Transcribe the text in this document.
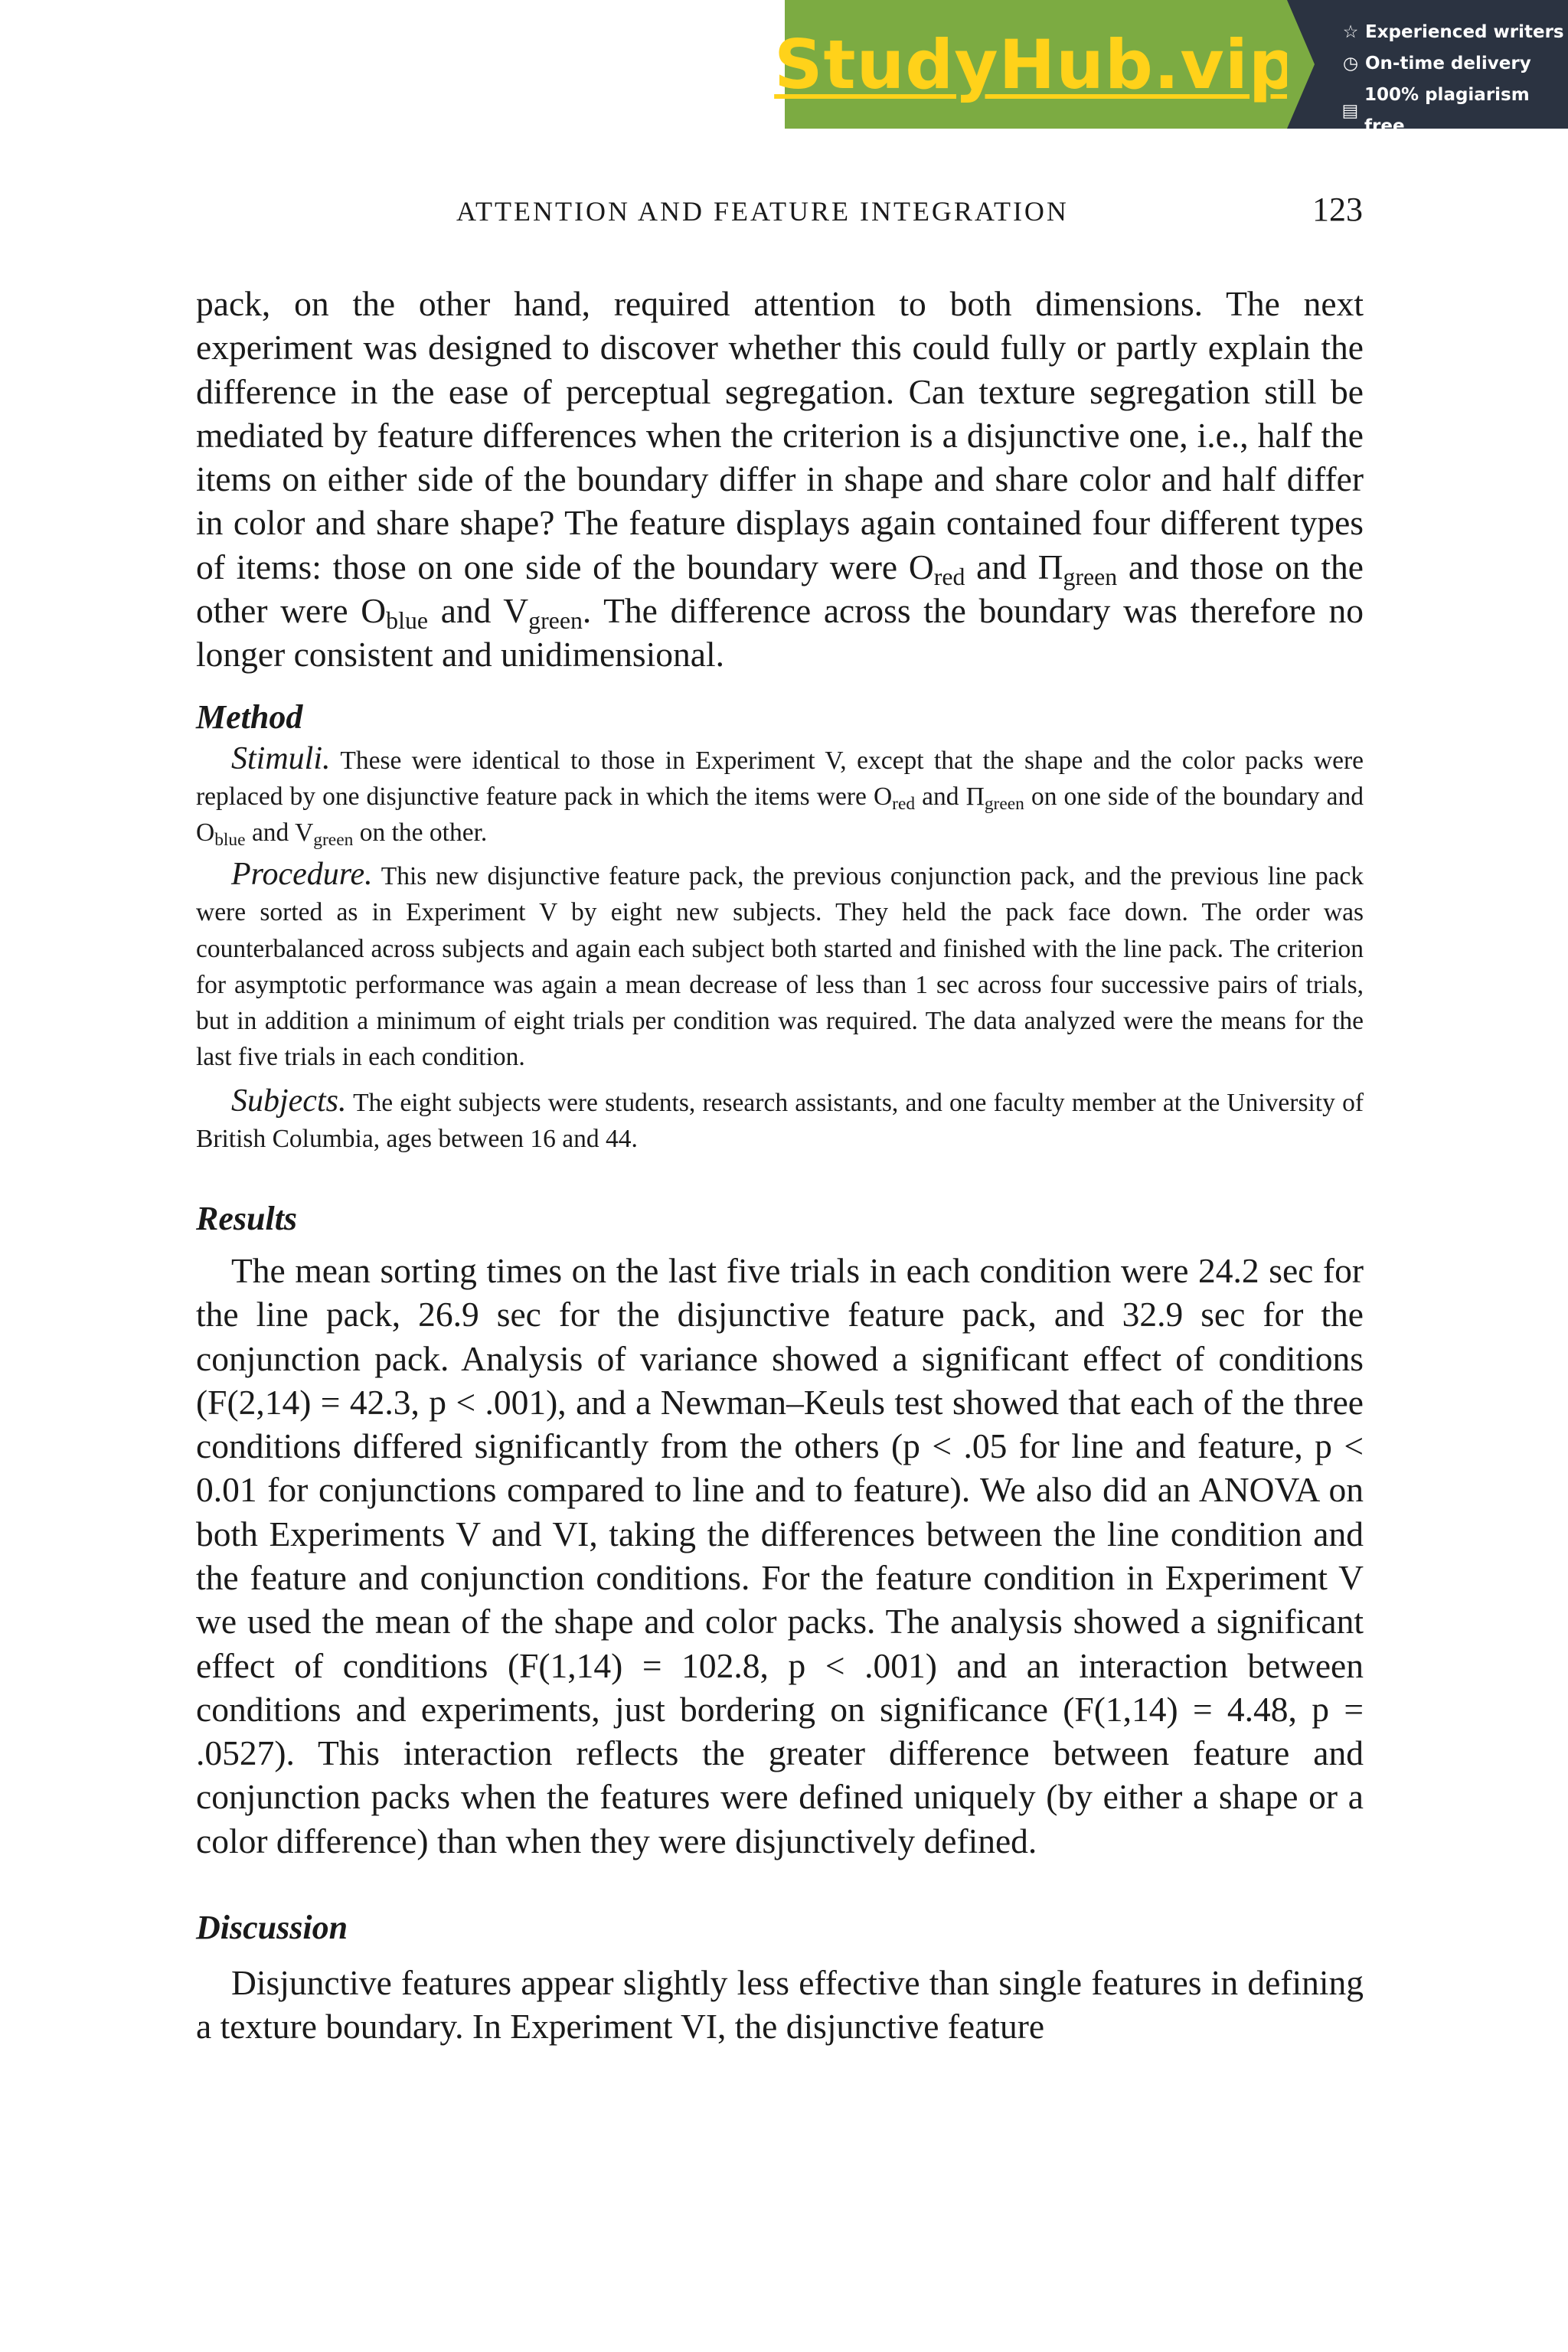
StudyHub.vip	☆ Experienced writers
◷ On-time delivery
▤
100% plagiarism free
ATTENTION AND FEATURE INTEGRATION	123

pack, on the other hand, required attention to both dimensions. The next experiment was designed to discover whether this could fully or partly explain the difference in the ease of perceptual segregation. Can texture segregation still be mediated by feature differences when the criterion is a disjunctive one, i.e., half the items on either side of the boundary differ in shape and share color and half differ in color and share shape? The feature displays again contained four different types of items: those on one side of the boundary were $O_{red}$ and $\Pi_{green}$ and those on the other were $O_{blue}$ and $V_{green}$. The difference across the boundary was therefore no longer consistent and unidimensional.

Method

Stimuli. These were identical to those in Experiment V, except that the shape and the color packs were replaced by one disjunctive feature pack in which the items were $O_{red}$ and $\Pi_{green}$ on one side of the boundary and $O_{blue}$ and $V_{green}$ on the other.

Procedure. This new disjunctive feature pack, the previous conjunction pack, and the previous line pack were sorted as in Experiment V by eight new subjects. They held the pack face down. The order was counterbalanced across subjects and again each subject both started and finished with the line pack. The criterion for asymptotic performance was again a mean decrease of less than 1 sec across four successive pairs of trials, but in addition a minimum of eight trials per condition was required. The data analyzed were the means for the last five trials in each condition.

Subjects. The eight subjects were students, research assistants, and one faculty member at the University of British Columbia, ages between 16 and 44.

Results

The mean sorting times on the last five trials in each condition were 24.2 sec for the line pack, 26.9 sec for the disjunctive feature pack, and 32.9 sec for the conjunction pack. Analysis of variance showed a significant effect of conditions (F(2,14) = 42.3, p < .001), and a Newman–Keuls test showed that each of the three conditions differed significantly from the others (p < .05 for line and feature, p < 0.01 for conjunctions compared to line and to feature). We also did an ANOVA on both Experiments V and VI, taking the differences between the line condition and the feature and conjunction conditions. For the feature condition in Experiment V we used the mean of the shape and color packs. The analysis showed a significant effect of conditions (F(1,14) = 102.8, p < .001) and an interaction between conditions and experiments, just bordering on significance (F(1,14) = 4.48, p = .0527). This interaction reflects the greater difference between feature and conjunction packs when the features were defined uniquely (by either a shape or a color difference) than when they were disjunctively defined.

Discussion

Disjunctive features appear slightly less effective than single features in defining a texture boundary. In Experiment VI, the disjunctive feature
